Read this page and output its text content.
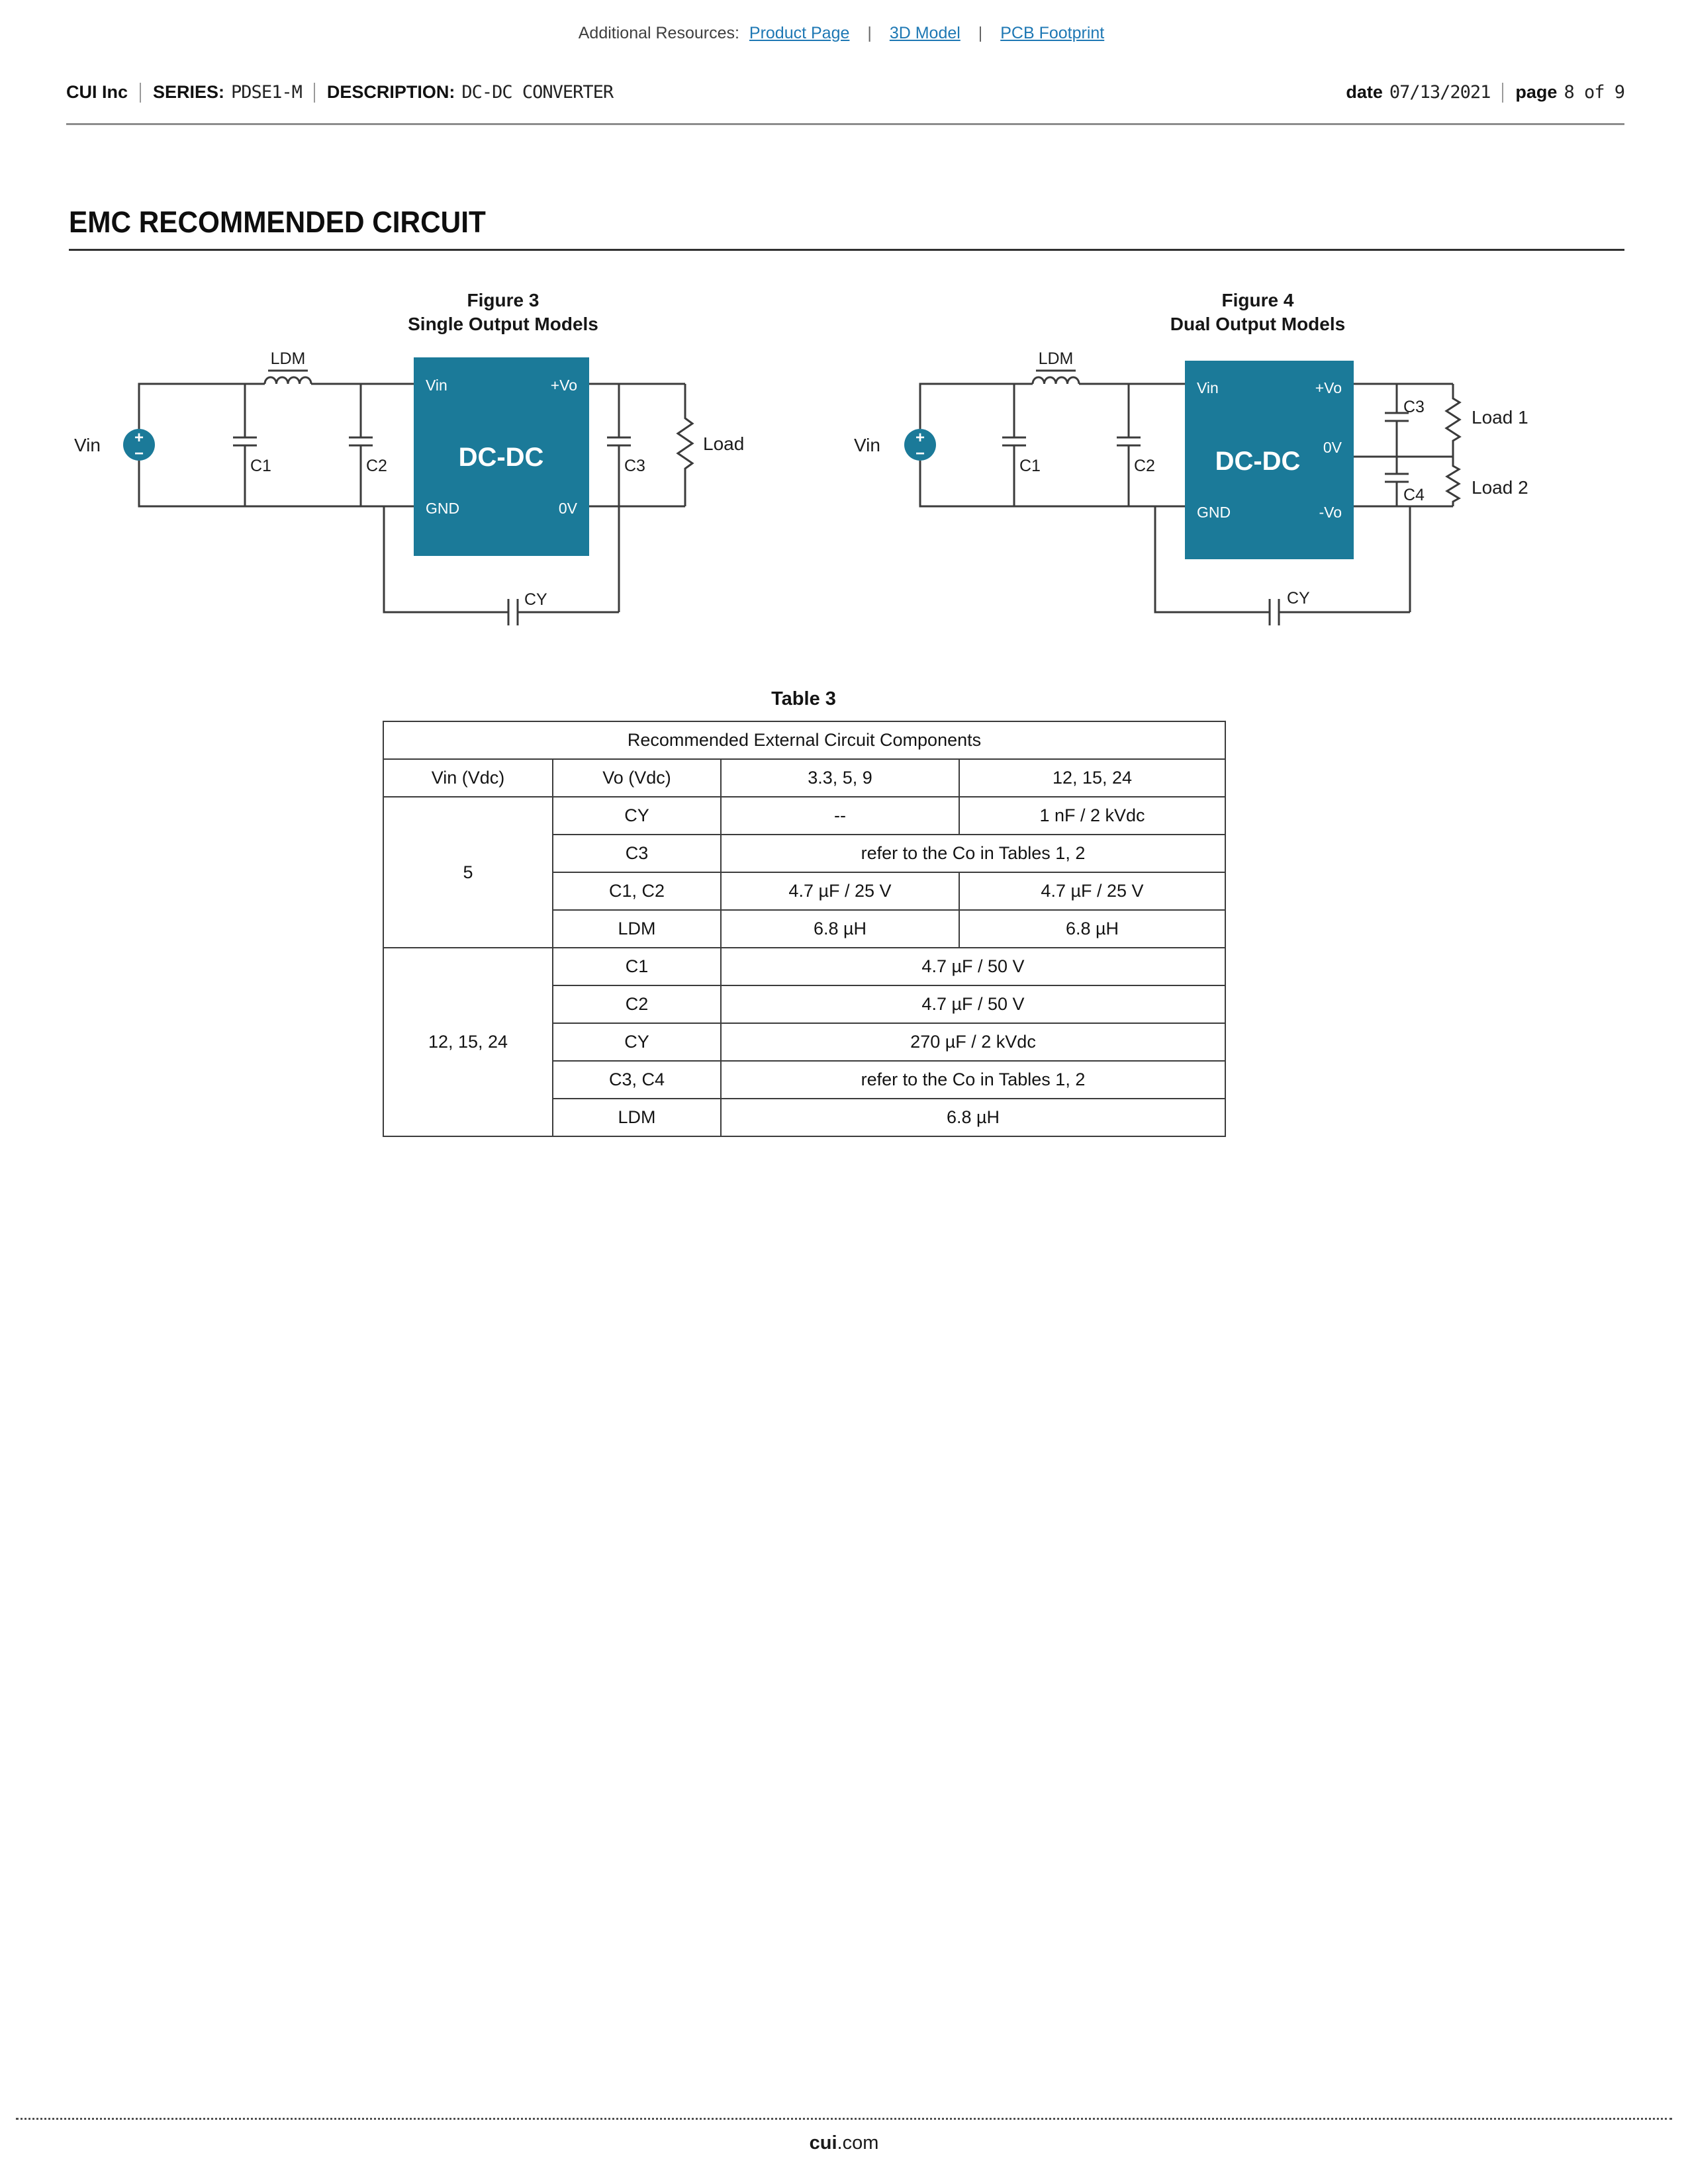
Additional Resources: Product Page | 3D Model | PCB Footprint
CUI Inc SERIES: PDSE1-M DESCRIPTION: DC-DC CONVERTER	date 07/13/2021 page 8 of 9
EMC RECOMMENDED CIRCUIT
Figure 3
Single Output Models
Figure 4
Dual Output Models
+
−
Vin	+Vo
DC-DC
GND	0V
Vin
LDM
C1	C2	C3
Load
CY
+
−
Vin	+Vo
DC-DC 0V
GND	-Vo
Vin
LDM
C1	C2
C3
C4
Load 1
Load 2
CY
Table 3
Recommended External Circuit Components			
Vin (Vdc)	Vo (Vdc)	3.3, 5, 9	12, 15, 24
5	CY	--	1 nF / 2 kVdc
	C3	refer to the Co in Tables 1, 2	
	C1, C2	4.7 µF / 25 V	4.7 µF / 25 V
	LDM	6.8 µH	6.8 µH
12, 15, 24	C1	4.7 µF / 50 V	
	C2	4.7 µF / 50 V	
	CY	270 µF / 2 kVdc	
	C3, C4	refer to the Co in Tables 1, 2	
	LDM	6.8 µH	
cui.com
